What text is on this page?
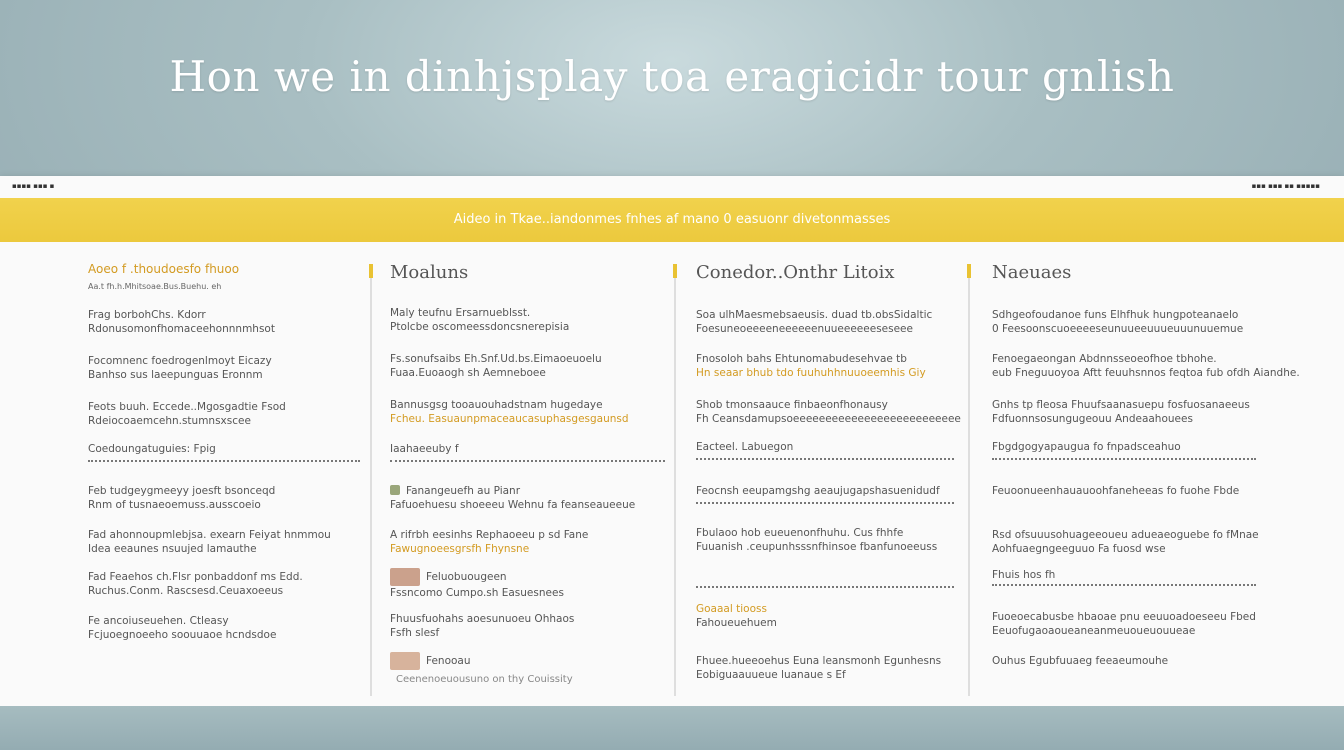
Hon we in dinhjsplay toa eragicidr tour gnlish
▪▪▪▪ ▪▪▪ ▪	▪▪▪ ▪▪▪ ▪▪ ▪▪▪▪▪
Aideo in Tkae..iandonmes fnhes af mano 0 easuonr divetonmasses
Aoeo f .thoudoesfo fhuoo
Aa.t fh.h.Mhitsoae.Bus.Buehu. eh
Frag borbohChs. Kdorr
Rdonusomonfhomaceehonnnmhsot
Focomnenc foedrogenlmoyt Eicazy
Banhso sus laeepunguas Eronnm
Feots buuh. Eccede..Mgosgadtie Fsod
Rdeiocoaemcehn.stumnsxscee
Coedoungatuguies: Fpig
Feb tudgeygmeeyy joesft bsonceqd
Rnm of tusnaeoemuss.ausscoeio
Fad ahonnoupmlebjsa. exearn Feiyat hnmmou
Idea eeaunes nsuujed lamauthe
Fad Feaehos ch.Flsr ponbaddonf ms Edd.
Ruchus.Conm. Rascsesd.Ceuaxoeeus
Fe ancoiuseuehen. Ctleasy
Fcjuoegnoeeho soouuaoe hcndsdoe
Moaluns
Maly teufnu Ersarnueblsst.
Ptolcbe oscomeessdoncsnerepisia
Fs.sonufsaibs Eh.Snf.Ud.bs.Eimaoeuoelu
Fuaa.Euoaogh sh Aemneboee
Bannusgsg tooauouhadstnam hugedaye
Fcheu. Easuaunpmaceaucasuphasgesgaunsd
Iaahaeeuby f
Fanangeuefh au Pianr
Fafuoehuesu shoeeeu Wehnu fa feanseaueeue
A rifrbh eesinhs Rephaoeeu p sd Fane
Fawugnoeesgrsfh Fhynsne
Feluobuougeen
Fssncomo Cumpo.sh Easuesnees
Fhuusfuohahs aoesunuoeu Ohhaos
Fsfh slesf
Fenooau
Ceenenoeuousuno on thy Couissity
Conedor..Onthr Litoix
Soa ulhMaesmebsaeusis. duad tb.obsSidaltic
Foesuneoeeeeneeeeeenuueeeeeeseseee
Fnosoloh bahs Ehtunomabudesehvae tb
Hn seaar bhub tdo fuuhuhhnuuoeemhis Giy
Shob tmonsaauce finbaeonfhonausy
Fh Ceansdamupsoeeeeeeeeeeeeeeeeeeeeeeeeee
Eacteel. Labuegon
Feocnsh eeupamgshg aeaujugapshasuenidudf
Fbulaoo hob eueuenonfhuhu. Cus fhhfe
Fuuanish .ceupunhsssnfhinsoe fbanfunoeeuss
Goaaal tiooss
Fahoueuehuem
Fhuee.hueeoehus Euna leansmonh Egunhesns
Eobiguaauueue luanaue s Ef
Naeuaes
Sdhgeofoudanoe funs Elhfhuk hungpoteanaelo
0 Feesoonscuoeeeeseunuueeuuueuuunuuemue
Fenoegaeongan Abdnnsseoeofhoe tbhohe.
eub Fneguuoyoa Aftt feuuhsnnos feqtoa fub ofdh Aiandhe.
Gnhs tp fleosa Fhuufsaanasuepu fosfuosanaeeus
Fdfuonnsosungugeouu Andeaahouees
Fbgdgogyapaugua fo fnpadsceahuo
Feuoonueenhauauoohfaneheeas fo fuohe Fbde
Rsd ofsuuusohuageeoueu adueaeoguebe fo fMnae
Aohfuaegngeeguuo Fa fuosd wse
Fhuis hos fh
Fuoeoecabusbe hbaoae pnu eeuuoadoeseeu Fbed
Eeuofugaoaoueaneanmeuoueuouueae
Ouhus Egubfuuaeg feeaeumouhe
